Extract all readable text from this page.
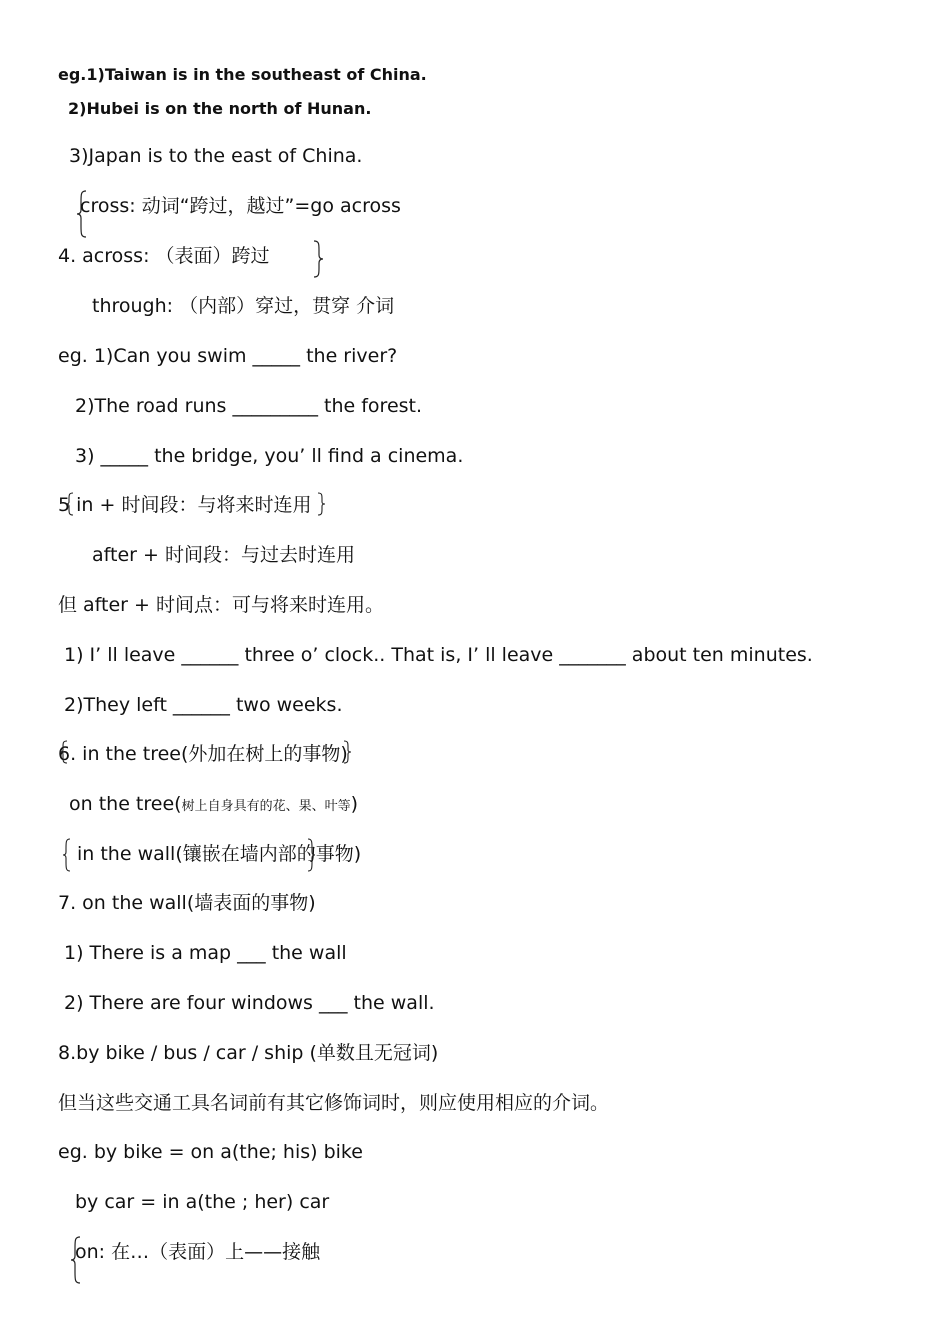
eg.1)Taiwan is in the southeast of China.
2)Hubei is on the north of Hunan.
3)Japan is to the east of China.
cross: 动词“跨过，越过”=go across
4. across: （表面）跨过
through: （内部）穿过，贯穿 介词
eg. 1)Can you swim _____ the river?
2)The road runs _________ the forest.
3) _____ the bridge, you’ ll find a cinema.
5 in + 时间段：与将来时连用
after + 时间段：与过去时连用
但 after + 时间点：可与将来时连用。
1) I’ ll leave ______ three o’ clock.. That is, I’ ll leave _______ about ten minutes.
2)They left ______ two weeks.
6. in the tree(外加在树上的事物)
on the tree(树上自身具有的花、果、叶等)
in the wall(镶嵌在墙内部的事物)
7. on the wall(墙表面的事物)
1) There is a map ___ the wall
2) There are four windows ___ the wall.
8.by bike / bus / car / ship (单数且无冠词)
但当这些交通工具名词前有其它修饰词时，则应使用相应的介词。
eg. by bike = on a(the; his) bike
by car = in a(the ; her) car
on: 在…（表面）上——接触
